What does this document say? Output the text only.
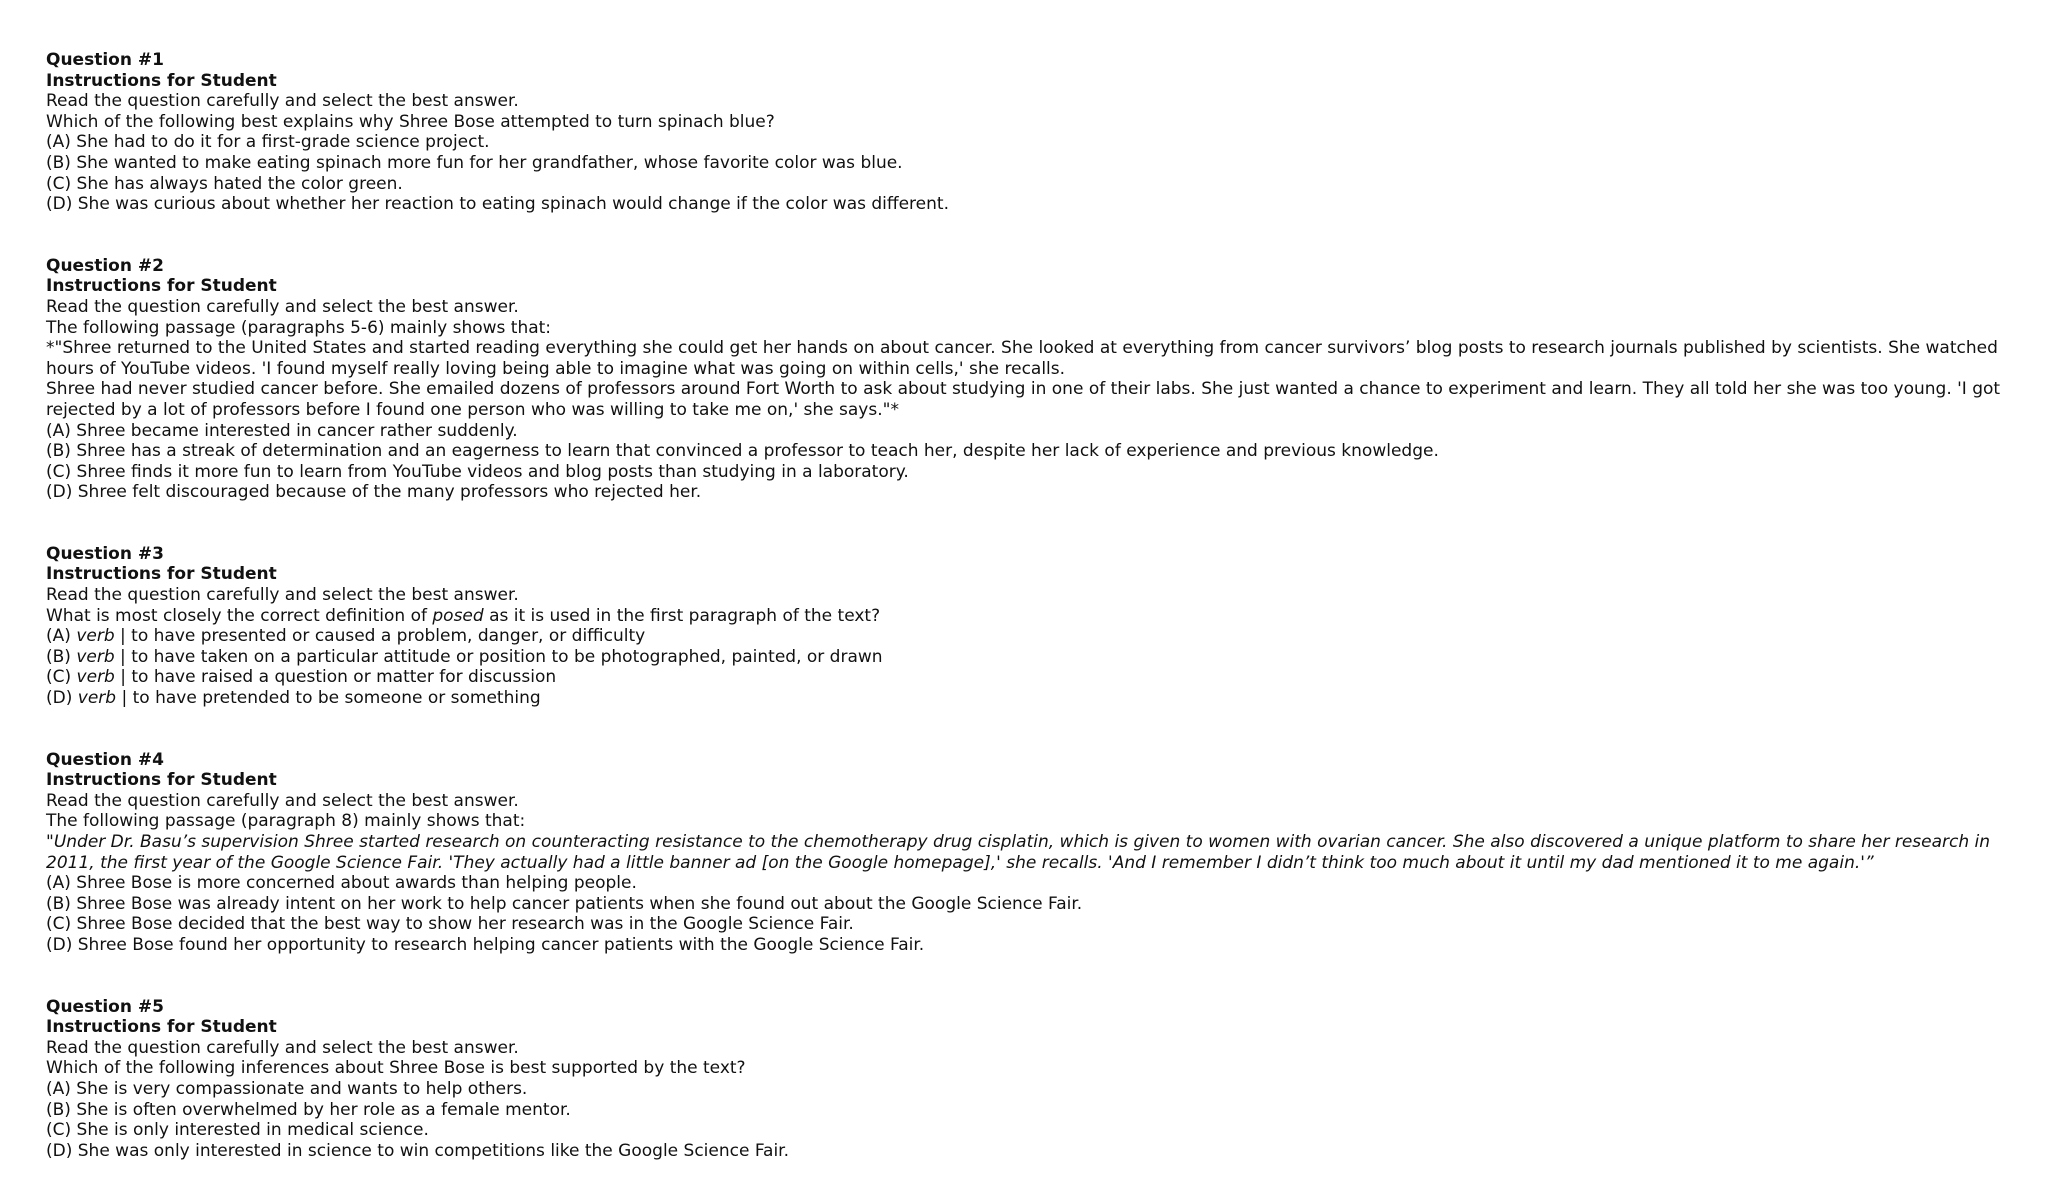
Question #1
Instructions for Student
Read the question carefully and select the best answer.
Which of the following best explains why Shree Bose attempted to turn spinach blue?
(A) She had to do it for a first-grade science project.
(B) She wanted to make eating spinach more fun for her grandfather, whose favorite color was blue.
(C) She has always hated the color green.
(D) She was curious about whether her reaction to eating spinach would change if the color was different.
Question #2
Instructions for Student
Read the question carefully and select the best answer.
The following passage (paragraphs 5-6) mainly shows that:
*"Shree returned to the United States and started reading everything she could get her hands on about cancer. She looked at everything from cancer survivors’ blog posts to research journals published by scientists. She watched hours of YouTube videos. 'I found myself really loving being able to imagine what was going on within cells,' she recalls.
Shree had never studied cancer before. She emailed dozens of professors around Fort Worth to ask about studying in one of their labs. She just wanted a chance to experiment and learn. They all told her she was too young. 'I got rejected by a lot of professors before I found one person who was willing to take me on,' she says."*
(A) Shree became interested in cancer rather suddenly.
(B) Shree has a streak of determination and an eagerness to learn that convinced a professor to teach her, despite her lack of experience and previous knowledge.
(C) Shree finds it more fun to learn from YouTube videos and blog posts than studying in a laboratory.
(D) Shree felt discouraged because of the many professors who rejected her.
Question #3
Instructions for Student
Read the question carefully and select the best answer.
What is most closely the correct definition of posed as it is used in the first paragraph of the text?
(A) verb | to have presented or caused a problem, danger, or difficulty
(B) verb | to have taken on a particular attitude or position to be photographed, painted, or drawn
(C) verb | to have raised a question or matter for discussion
(D) verb | to have pretended to be someone or something
Question #4
Instructions for Student
Read the question carefully and select the best answer.
The following passage (paragraph 8) mainly shows that:
"Under Dr. Basu’s supervision Shree started research on counteracting resistance to the chemotherapy drug cisplatin, which is given to women with ovarian cancer. She also discovered a unique platform to share her research in 2011, the first year of the Google Science Fair. 'They actually had a little banner ad [on the Google homepage],' she recalls. 'And I remember I didn’t think too much about it until my dad mentioned it to me again.'”
(A) Shree Bose is more concerned about awards than helping people.
(B) Shree Bose was already intent on her work to help cancer patients when she found out about the Google Science Fair.
(C) Shree Bose decided that the best way to show her research was in the Google Science Fair.
(D) Shree Bose found her opportunity to research helping cancer patients with the Google Science Fair.
Question #5
Instructions for Student
Read the question carefully and select the best answer.
Which of the following inferences about Shree Bose is best supported by the text?
(A) She is very compassionate and wants to help others.
(B) She is often overwhelmed by her role as a female mentor.
(C) She is only interested in medical science.
(D) She was only interested in science to win competitions like the Google Science Fair.
